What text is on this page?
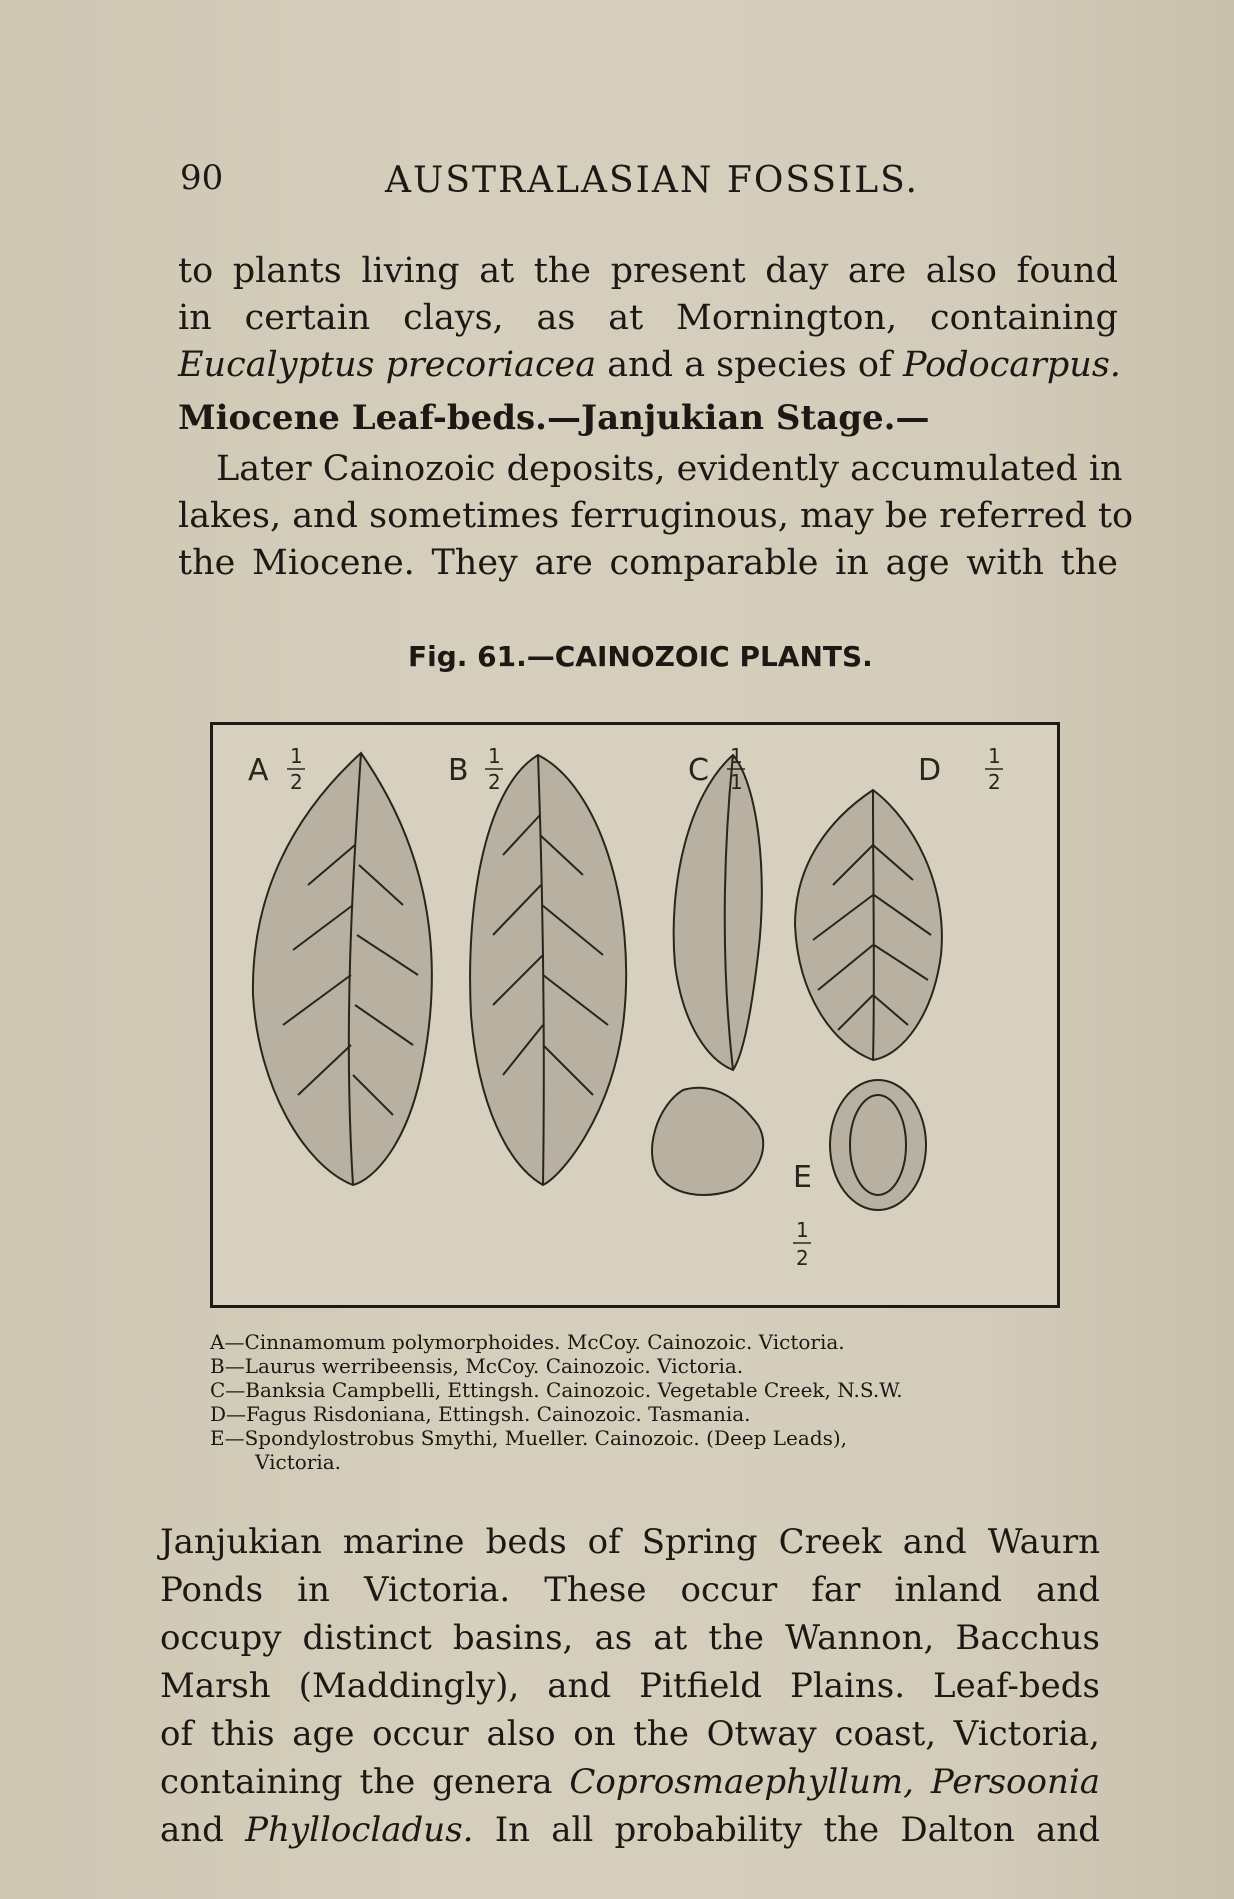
90	AUSTRALASIAN FOSSILS.
to plants living at the present day are also found
in certain clays, as at Mornington, containing
Eucalyptus precoriacea and a species of Podocarpus.
Miocene Leaf-beds.—Janjukian Stage.—
Later Cainozoic deposits, evidently accumulated in
lakes, and sometimes ferruginous, may be referred to
the Miocene. They are comparable in age with the
Fig. 61.—CAINOZOIC PLANTS.
A 1
2	B 1
2	C 1
1	D 1
2
E
1
2
A—Cinnamomum polymorphoides. McCoy. Cainozoic. Victoria.
B—Laurus werribeensis, McCoy. Cainozoic. Victoria.
C—Banksia Campbelli, Ettingsh. Cainozoic. Vegetable Creek, N.S.W.
D—Fagus Risdoniana, Ettingsh. Cainozoic. Tasmania.
E—Spondylostrobus Smythi, Mueller. Cainozoic. (Deep Leads),
Victoria.
Janjukian marine beds of Spring Creek and Waurn
Ponds in Victoria. These occur far inland and
occupy distinct basins, as at the Wannon, Bacchus
Marsh (Maddingly), and Pitfield Plains. Leaf-beds
of this age occur also on the Otway coast, Victoria,
containing the genera Coprosmaephyllum, Persoonia
and Phyllocladus. In all probability the Dalton and
